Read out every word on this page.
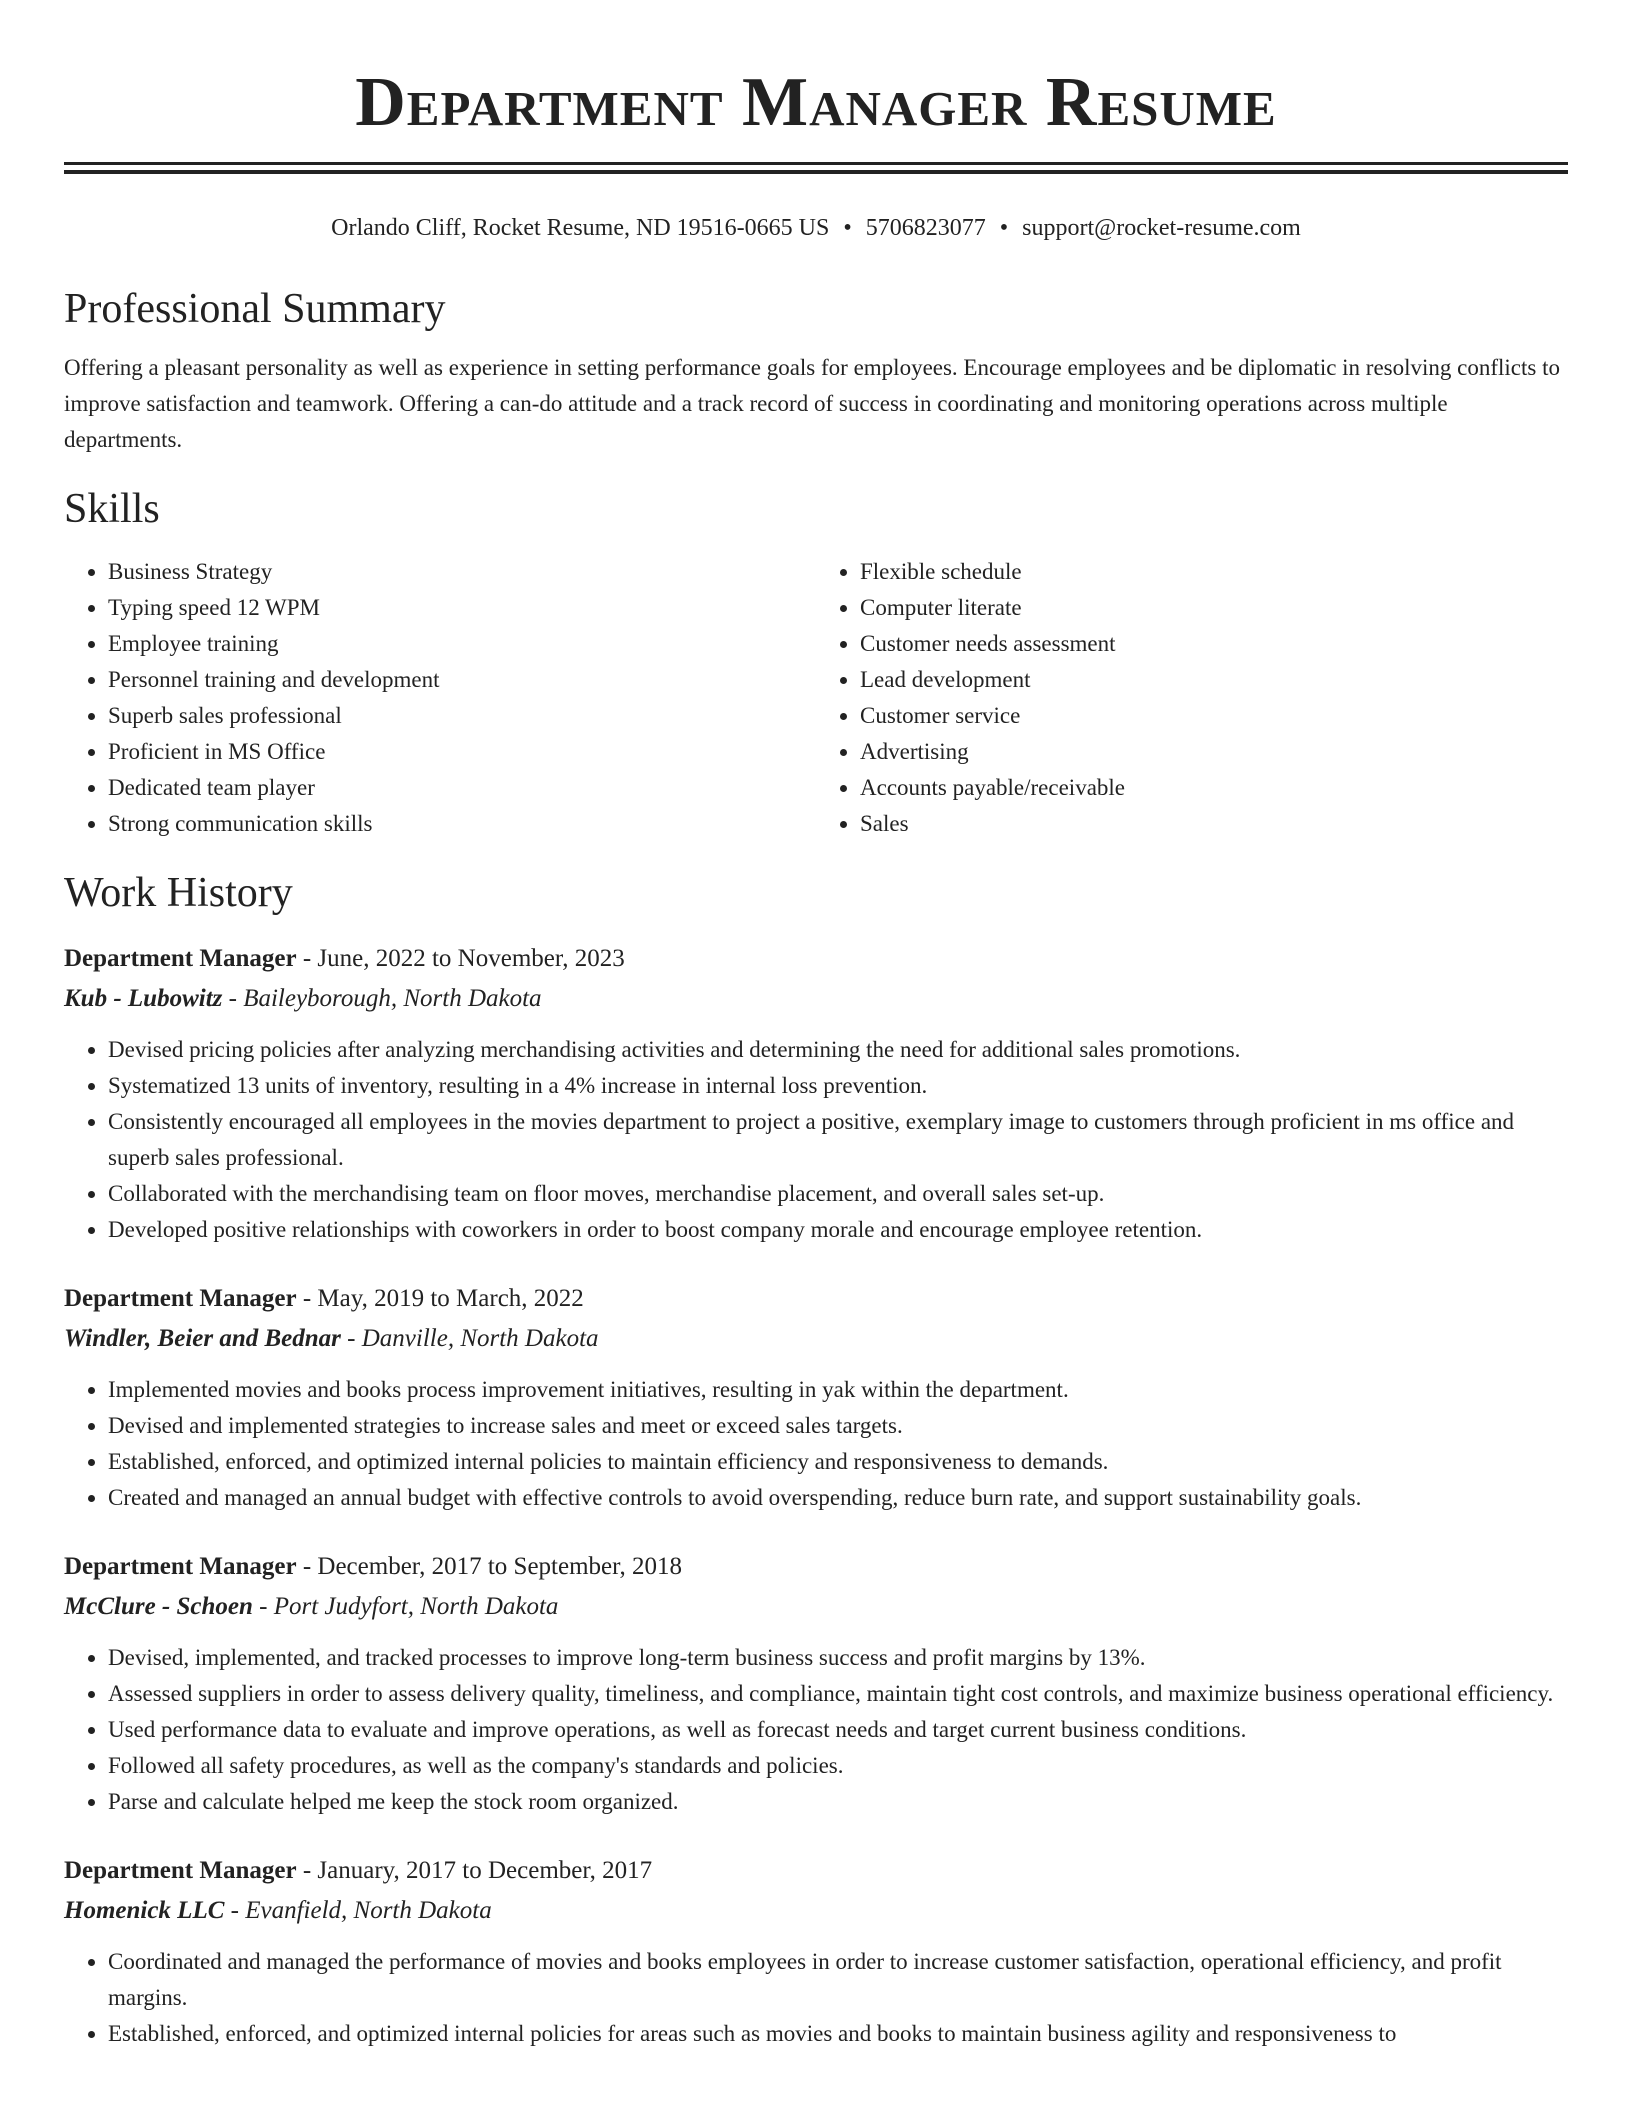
Department Manager Resume
Orlando Cliff, Rocket Resume, ND 19516-0665 US • 5706823077 • support@rocket-resume.com
Professional Summary

Offering a pleasant personality as well as experience in setting performance goals for employees. Encourage employees and be diplomatic in resolving conflicts to improve satisfaction and teamwork. Offering a can-do attitude and a track record of success in coordinating and monitoring operations across multiple departments.

Skills
• Business Strategy
• Typing speed 12 WPM
• Employee training
• Personnel training and development
• Superb sales professional
• Proficient in MS Office
• Dedicated team player
• Strong communication skills
• Flexible schedule
• Computer literate
• Customer needs assessment
• Lead development
• Customer service
• Advertising
• Accounts payable/receivable
• Sales
Work History
Department Manager - June, 2022 to November, 2023
Kub - Lubowitz - Baileyborough, North Dakota
• Devised pricing policies after analyzing merchandising activities and determining the need for additional sales promotions.
• Systematized 13 units of inventory, resulting in a 4% increase in internal loss prevention.
• Consistently encouraged all employees in the movies department to project a positive, exemplary image to customers through proficient in ms office and superb sales professional.
• Collaborated with the merchandising team on floor moves, merchandise placement, and overall sales set-up.
• Developed positive relationships with coworkers in order to boost company morale and encourage employee retention.
Department Manager - May, 2019 to March, 2022
Windler, Beier and Bednar - Danville, North Dakota
• Implemented movies and books process improvement initiatives, resulting in yak within the department.
• Devised and implemented strategies to increase sales and meet or exceed sales targets.
• Established, enforced, and optimized internal policies to maintain efficiency and responsiveness to demands.
• Created and managed an annual budget with effective controls to avoid overspending, reduce burn rate, and support sustainability goals.
Department Manager - December, 2017 to September, 2018
McClure - Schoen - Port Judyfort, North Dakota
• Devised, implemented, and tracked processes to improve long-term business success and profit margins by 13%.
• Assessed suppliers in order to assess delivery quality, timeliness, and compliance, maintain tight cost controls, and maximize business operational efficiency.
• Used performance data to evaluate and improve operations, as well as forecast needs and target current business conditions.
• Followed all safety procedures, as well as the company's standards and policies.
• Parse and calculate helped me keep the stock room organized.
Department Manager - January, 2017 to December, 2017
Homenick LLC - Evanfield, North Dakota
• Coordinated and managed the performance of movies and books employees in order to increase customer satisfaction, operational efficiency, and profit margins.
• Established, enforced, and optimized internal policies for areas such as movies and books to maintain business agility and responsiveness to
